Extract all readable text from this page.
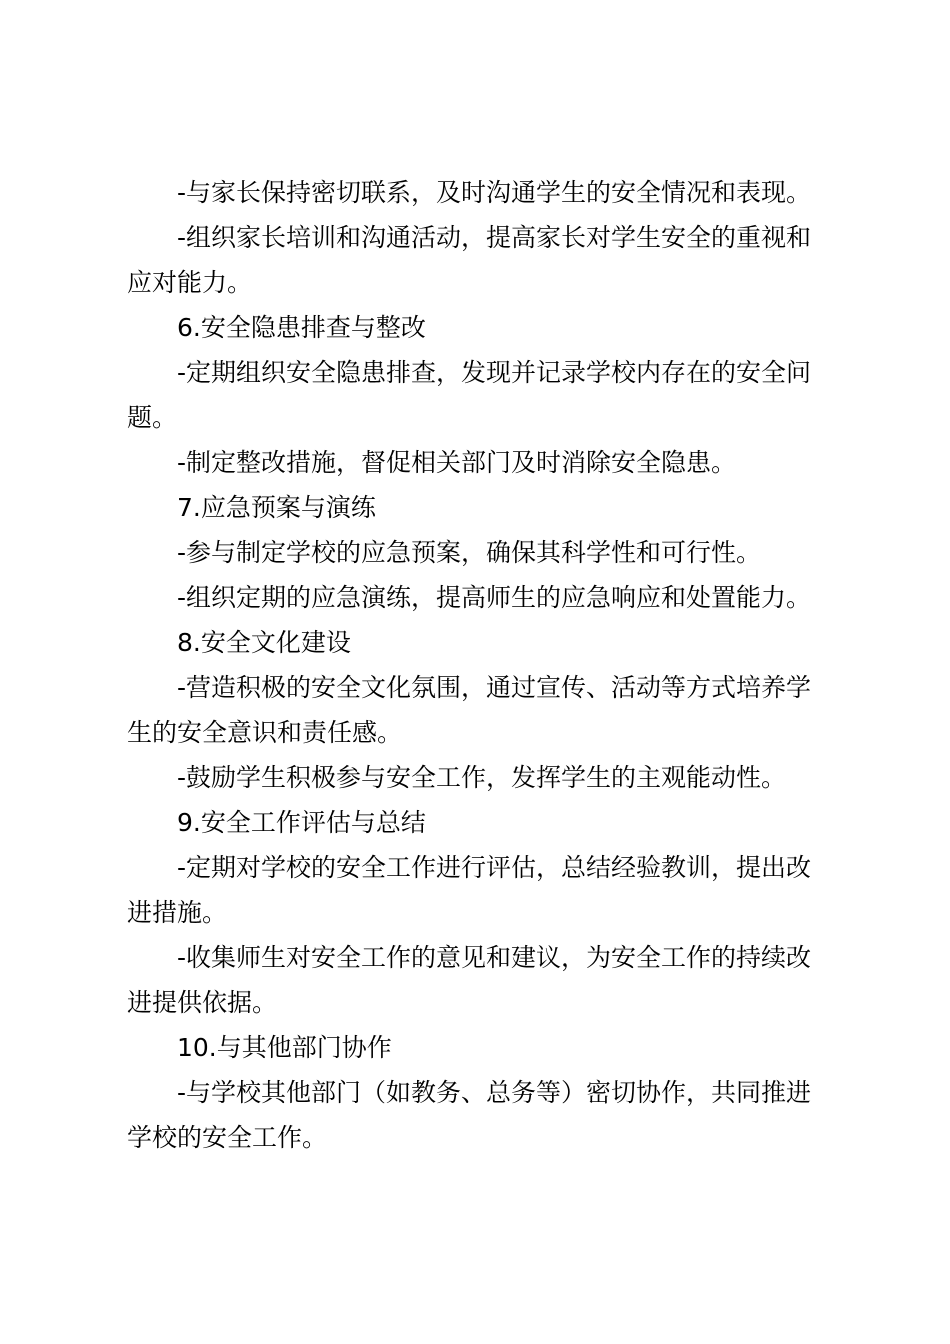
-与家长保持密切联系，及时沟通学生的安全情况和表现。

-组织家长培训和沟通活动，提高家长对学生安全的重视和应对能力。

6.安全隐患排查与整改

-定期组织安全隐患排查，发现并记录学校内存在的安全问题。

-制定整改措施，督促相关部门及时消除安全隐患。

7.应急预案与演练

-参与制定学校的应急预案，确保其科学性和可行性。

-组织定期的应急演练，提高师生的应急响应和处置能力。

8.安全文化建设

-营造积极的安全文化氛围，通过宣传、活动等方式培养学生的安全意识和责任感。

-鼓励学生积极参与安全工作，发挥学生的主观能动性。

9.安全工作评估与总结

-定期对学校的安全工作进行评估，总结经验教训，提出改进措施。

-收集师生对安全工作的意见和建议，为安全工作的持续改进提供依据。

10.与其他部门协作

-与学校其他部门（如教务、总务等）密切协作，共同推进学校的安全工作。
